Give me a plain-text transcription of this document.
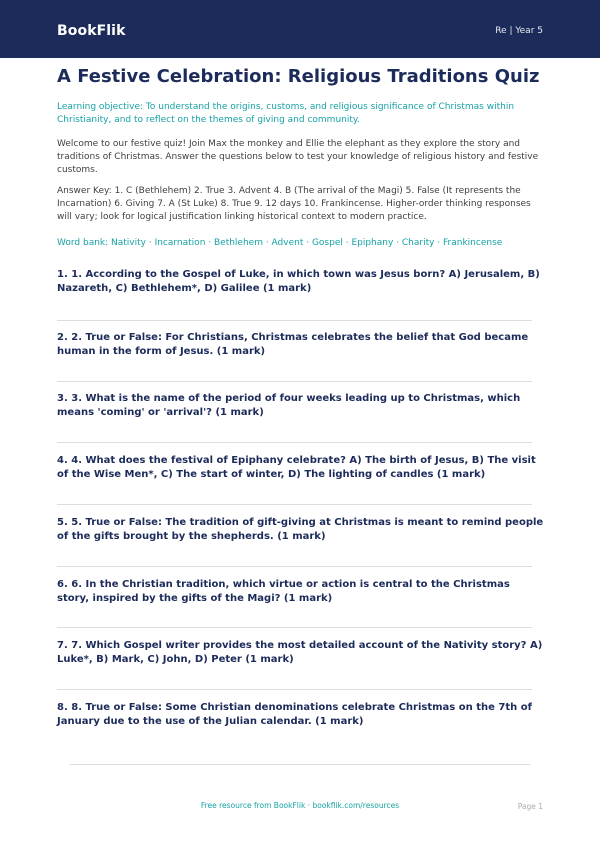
BookFlik	Re | Year 5
A Festive Celebration: Religious Traditions Quiz

Learning objective: To understand the origins, customs, and religious significance of Christmas within Christianity, and to reflect on the themes of giving and community.

Welcome to our festive quiz! Join Max the monkey and Ellie the elephant as they explore the story and traditions of Christmas. Answer the questions below to test your knowledge of religious history and festive customs.

Answer Key: 1. C (Bethlehem) 2. True 3. Advent 4. B (The arrival of the Magi) 5. False (It represents the Incarnation) 6. Giving 7. A (St Luke) 8. True 9. 12 days 10. Frankincense. Higher-order thinking responses will vary; look for logical justification linking historical context to modern practice.

Word bank: Nativity · Incarnation · Bethlehem · Advent · Gospel · Epiphany · Charity · Frankincense

1. 1. According to the Gospel of Luke, in which town was Jesus born? A) Jerusalem, B) Nazareth, C) Bethlehem*, D) Galilee (1 mark)

2. 2. True or False: For Christians, Christmas celebrates the belief that God became human in the form of Jesus. (1 mark)

3. 3. What is the name of the period of four weeks leading up to Christmas, which means 'coming' or 'arrival'? (1 mark)

4. 4. What does the festival of Epiphany celebrate? A) The birth of Jesus, B) The visit of the Wise Men*, C) The start of winter, D) The lighting of candles (1 mark)

5. 5. True or False: The tradition of gift-giving at Christmas is meant to remind people of the gifts brought by the shepherds. (1 mark)

6. 6. In the Christian tradition, which virtue or action is central to the Christmas story, inspired by the gifts of the Magi? (1 mark)

7. 7. Which Gospel writer provides the most detailed account of the Nativity story? A) Luke*, B) Mark, C) John, D) Peter (1 mark)

8. 8. True or False: Some Christian denominations celebrate Christmas on the 7th of January due to the use of the Julian calendar. (1 mark)

Free resource from BookFlik · bookflik.com/resources	Page 1
